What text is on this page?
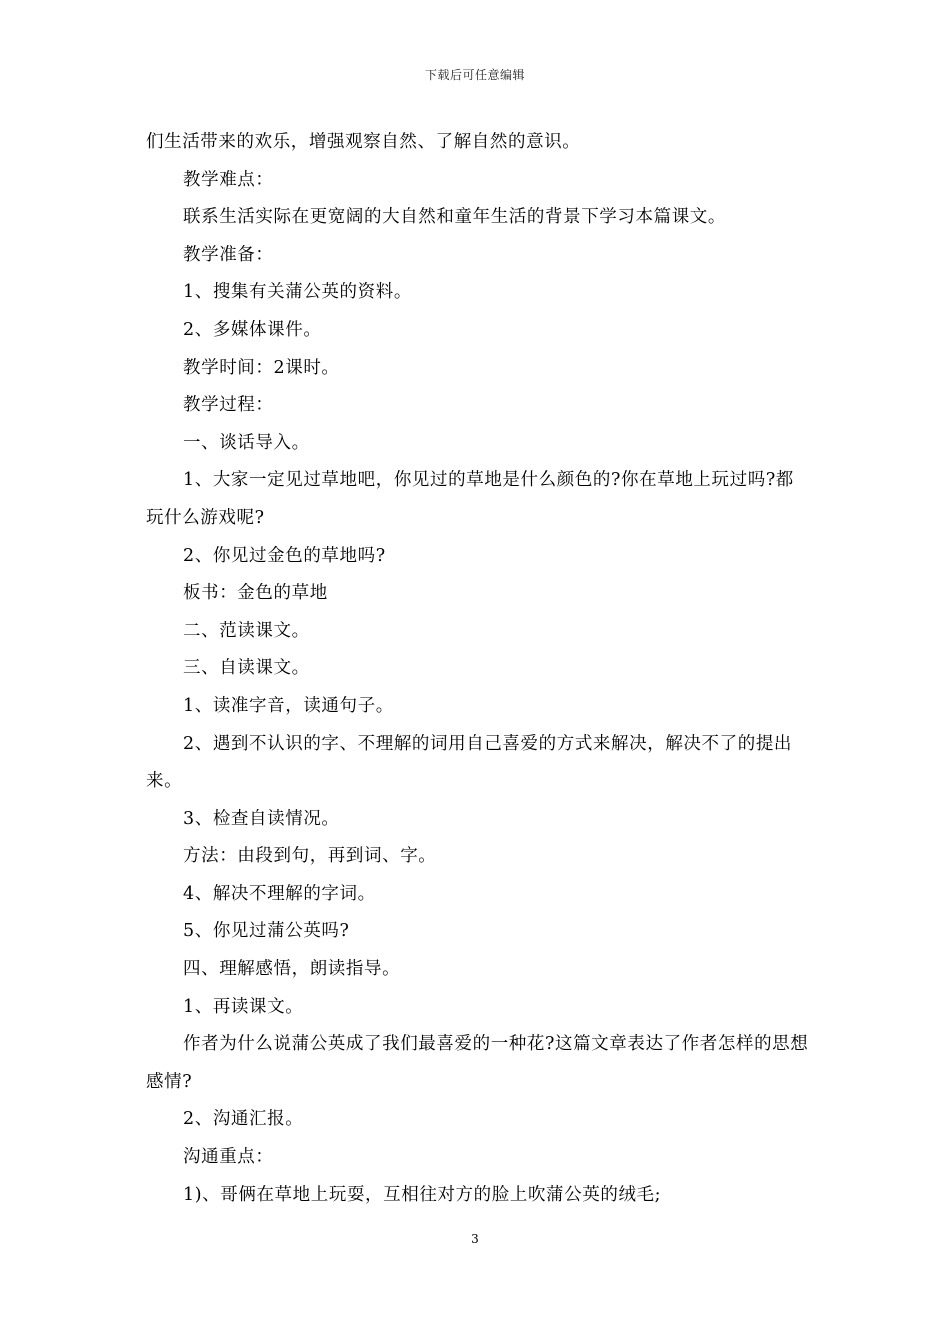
下载后可任意编辑

们生活带来的欢乐，增强观察自然、了解自然的意识。

教学难点：

联系生活实际在更宽阔的大自然和童年生活的背景下学习本篇课文。

教学准备：

1、搜集有关蒲公英的资料。

2、多媒体课件。

教学时间：2课时。

教学过程：

一、谈话导入。

1、大家一定见过草地吧，你见过的草地是什么颜色的?你在草地上玩过吗?都玩什么游戏呢?

2、你见过金色的草地吗?

板书：金色的草地

二、范读课文。

三、自读课文。

1、读准字音，读通句子。

2、遇到不认识的字、不理解的词用自己喜爱的方式来解决，解决不了的提出来。

3、检查自读情况。

方法：由段到句，再到词、字。

4、解决不理解的字词。

5、你见过蒲公英吗?

四、理解感悟，朗读指导。

1、再读课文。

作者为什么说蒲公英成了我们最喜爱的一种花?这篇文章表达了作者怎样的思想感情?

2、沟通汇报。

沟通重点：

1)、哥俩在草地上玩耍，互相往对方的脸上吹蒲公英的绒毛;

3
